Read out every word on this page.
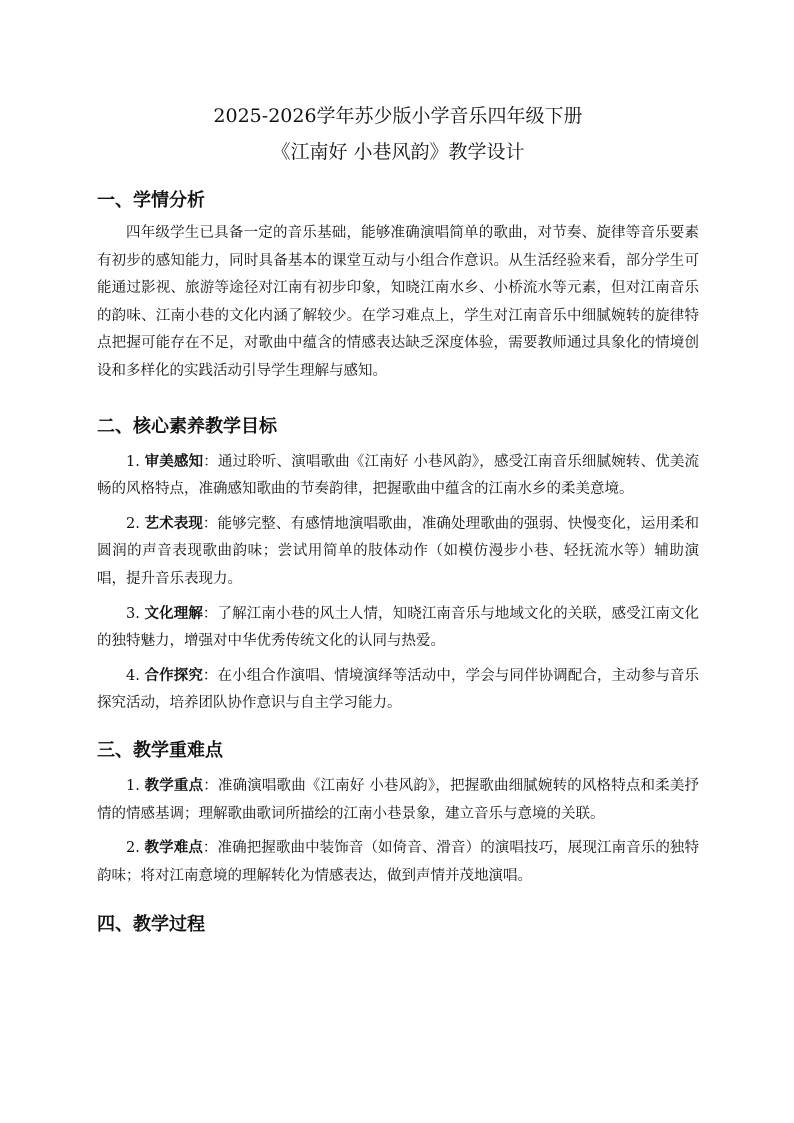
2025-2026学年苏少版小学音乐四年级下册
《江南好 小巷风韵》教学设计
一、学情分析

四年级学生已具备一定的音乐基础，能够准确演唱简单的歌曲，对节奏、旋律等音乐要素有初步的感知能力，同时具备基本的课堂互动与小组合作意识。从生活经验来看，部分学生可能通过影视、旅游等途径对江南有初步印象，知晓江南水乡、小桥流水等元素，但对江南音乐的韵味、江南小巷的文化内涵了解较少。在学习难点上，学生对江南音乐中细腻婉转的旋律特点把握可能存在不足，对歌曲中蕴含的情感表达缺乏深度体验，需要教师通过具象化的情境创设和多样化的实践活动引导学生理解与感知。

二、核心素养教学目标

1. 审美感知：通过聆听、演唱歌曲《江南好 小巷风韵》，感受江南音乐细腻婉转、优美流畅的风格特点，准确感知歌曲的节奏韵律，把握歌曲中蕴含的江南水乡的柔美意境。

2. 艺术表现：能够完整、有感情地演唱歌曲，准确处理歌曲的强弱、快慢变化，运用柔和圆润的声音表现歌曲韵味；尝试用简单的肢体动作（如模仿漫步小巷、轻抚流水等）辅助演唱，提升音乐表现力。

3. 文化理解：了解江南小巷的风土人情，知晓江南音乐与地域文化的关联，感受江南文化的独特魅力，增强对中华优秀传统文化的认同与热爱。

4. 合作探究：在小组合作演唱、情境演绎等活动中，学会与同伴协调配合，主动参与音乐探究活动，培养团队协作意识与自主学习能力。

三、教学重难点

1. 教学重点：准确演唱歌曲《江南好 小巷风韵》，把握歌曲细腻婉转的风格特点和柔美抒情的情感基调；理解歌曲歌词所描绘的江南小巷景象，建立音乐与意境的关联。

2. 教学难点：准确把握歌曲中装饰音（如倚音、滑音）的演唱技巧，展现江南音乐的独特韵味；将对江南意境的理解转化为情感表达，做到声情并茂地演唱。

四、教学过程
